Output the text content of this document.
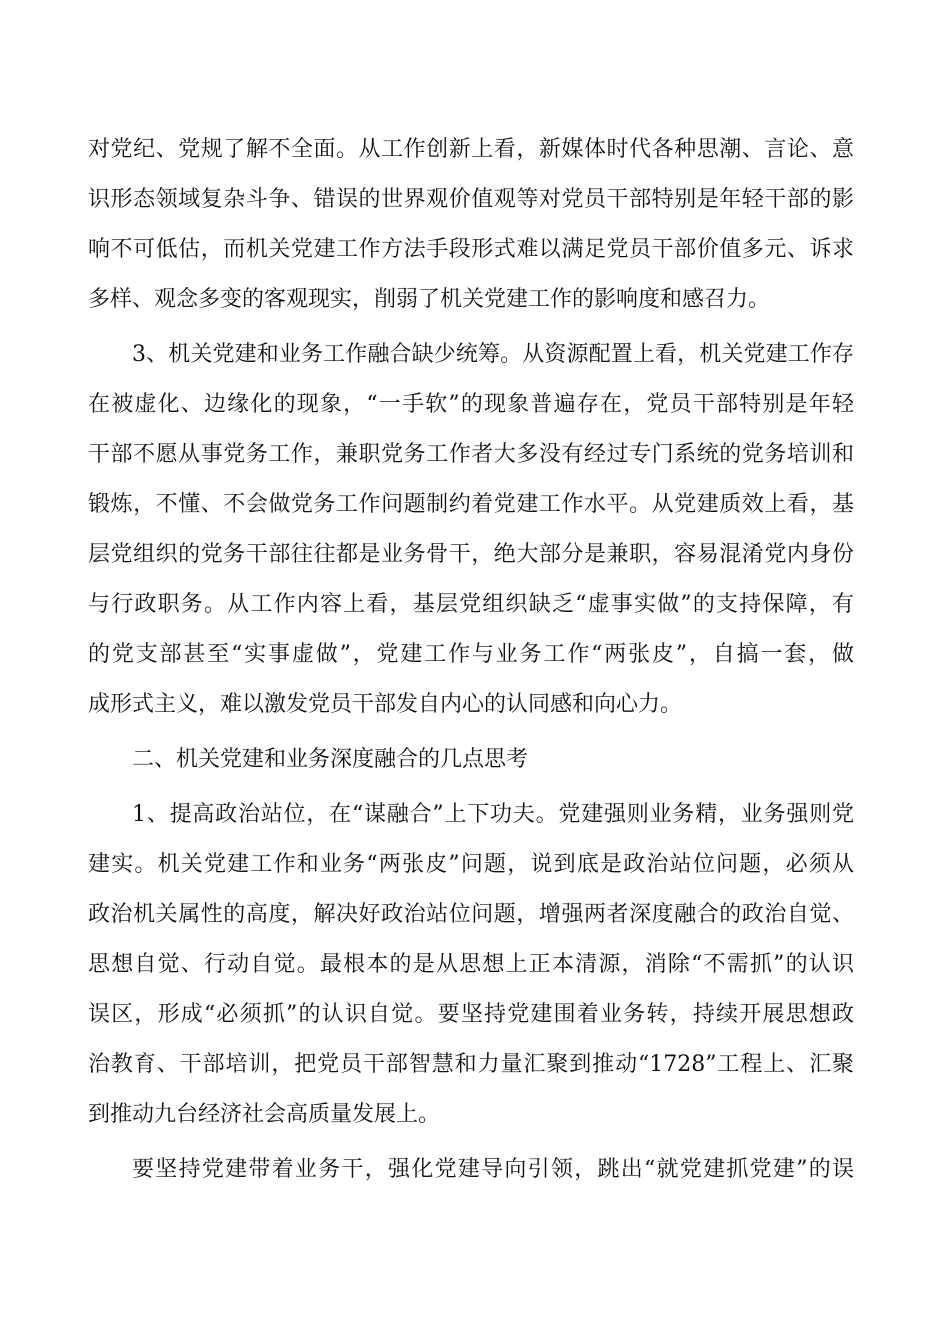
对党纪、党规了解不全面。从工作创新上看，新媒体时代各种思潮、言论、意
识形态领域复杂斗争、错误的世界观价值观等对党员干部特别是年轻干部的影
响不可低估，而机关党建工作方法手段形式难以满足党员干部价值多元、诉求
多样、观念多变的客观现实，削弱了机关党建工作的影响度和感召力。
3、机关党建和业务工作融合缺少统筹。从资源配置上看，机关党建工作存
在被虚化、边缘化的现象，“一手软”的现象普遍存在，党员干部特别是年轻
干部不愿从事党务工作，兼职党务工作者大多没有经过专门系统的党务培训和
锻炼，不懂、不会做党务工作问题制约着党建工作水平。从党建质效上看，基
层党组织的党务干部往往都是业务骨干，绝大部分是兼职，容易混淆党内身份
与行政职务。从工作内容上看，基层党组织缺乏“虚事实做”的支持保障，有
的党支部甚至“实事虚做”，党建工作与业务工作“两张皮”，自搞一套，做
成形式主义，难以激发党员干部发自内心的认同感和向心力。
二、机关党建和业务深度融合的几点思考
1、提高政治站位，在“谋融合”上下功夫。党建强则业务精，业务强则党
建实。机关党建工作和业务“两张皮”问题，说到底是政治站位问题，必须从
政治机关属性的高度，解决好政治站位问题，增强两者深度融合的政治自觉、
思想自觉、行动自觉。最根本的是从思想上正本清源，消除“不需抓”的认识
误区，形成“必须抓”的认识自觉。要坚持党建围着业务转，持续开展思想政
治教育、干部培训，把党员干部智慧和力量汇聚到推动“1728”工程上、汇聚
到推动九台经济社会高质量发展上。
要坚持党建带着业务干，强化党建导向引领，跳出“就党建抓党建”的误
